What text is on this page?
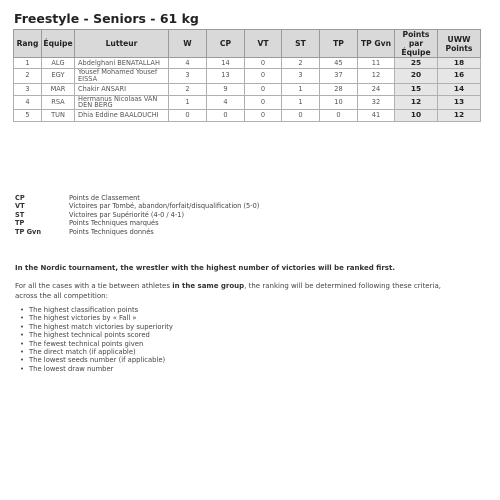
Freestyle - Seniors - 61 kg
Rang	Équipe	Lutteur	W	CP	VT	ST	TP	TP Gvn	Points par Équipe	UWW Points
1	ALG	Abdelghani BENATALLAH	4	14	0	2	45	11	25	18
2	EGY	Yousef Mohamed Yousef EISSA	3	13	0	3	37	12	20	16
3	MAR	Chakir ANSARI	2	9	0	1	28	24	15	14
4	RSA	Hermanus Nicolaas VAN DEN BERG	1	4	0	1	10	32	12	13
5	TUN	Dhia Eddine BAALOUCHI	0	0	0	0	0	41	10	12
CP	Points de Classement
VT	Victoires par Tombé, abandon/forfait/disqualification (5-0)
ST	Victoires par Supériorité (4-0 / 4-1)
TP	Points Techniques marqués
TP Gvn	Points Techniques donnés
In the Nordic tournament, the wrestler with the highest number of victories will be ranked first.
For all the cases with a tie between athletes in the same group, the ranking will be determined following these criteria, across the all competition:
• The highest classification points
• The highest victories by « Fall »
• The highest match victories by superiority
• The highest technical points scored
• The fewest technical points given
• The direct match (if applicable)
• The lowest seeds number (if applicable)
• The lowest draw number
